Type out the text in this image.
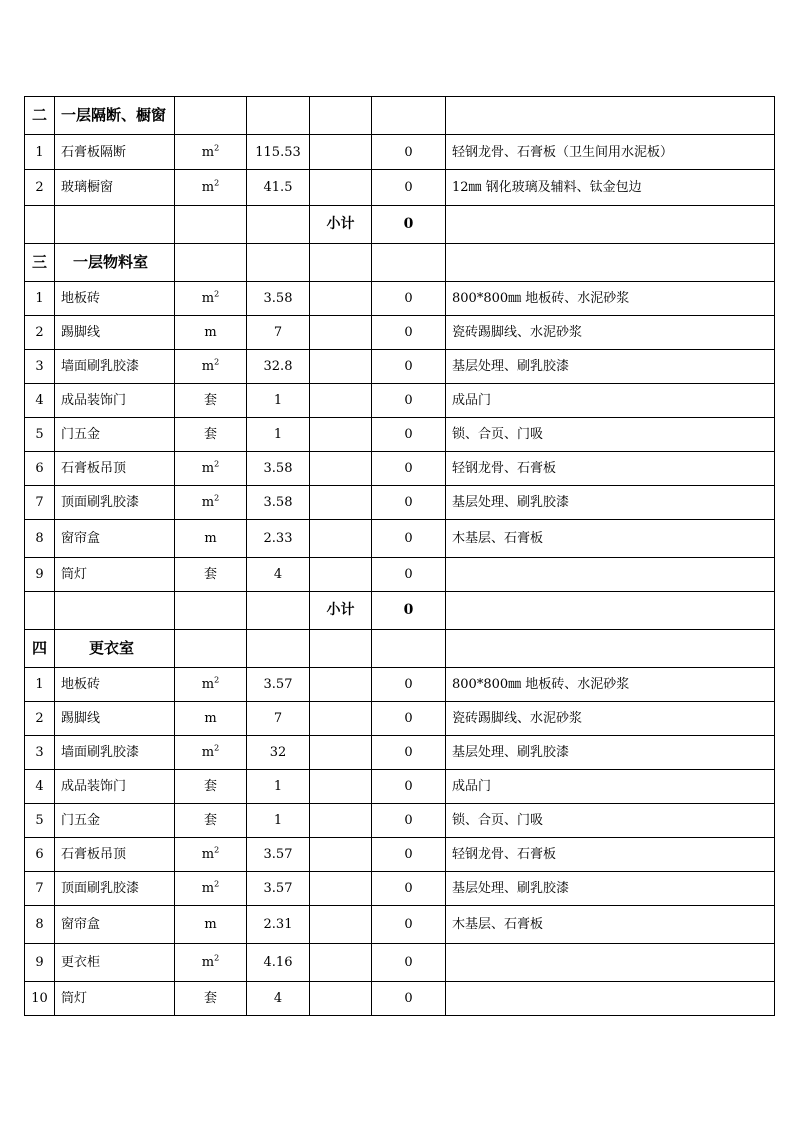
二	一层隔断、橱窗					
1	石膏板隔断	$m^2$	115.53		0	轻钢龙骨、石膏板（卫生间用水泥板）
2	玻璃橱窗	$m^2$	41.5		0	12㎜ 钢化玻璃及辅料、钛金包边
				小计	0	
三	一层物料室					
1	地板砖	$m^2$	3.58		0	800*800㎜ 地板砖、水泥砂浆
2	踢脚线	m	7		0	瓷砖踢脚线、水泥砂浆
3	墙面刷乳胶漆	$m^2$	32.8		0	基层处理、刷乳胶漆
4	成品装饰门	套	1		0	成品门
5	门五金	套	1		0	锁、合页、门吸
6	石膏板吊顶	$m^2$	3.58		0	轻钢龙骨、石膏板
7	顶面刷乳胶漆	$m^2$	3.58		0	基层处理、刷乳胶漆
8	窗帘盒	m	2.33		0	木基层、石膏板
9	筒灯	套	4		0	
				小计	0	
四	更衣室					
1	地板砖	$m^2$	3.57		0	800*800㎜ 地板砖、水泥砂浆
2	踢脚线	m	7		0	瓷砖踢脚线、水泥砂浆
3	墙面刷乳胶漆	$m^2$	32		0	基层处理、刷乳胶漆
4	成品装饰门	套	1		0	成品门
5	门五金	套	1		0	锁、合页、门吸
6	石膏板吊顶	$m^2$	3.57		0	轻钢龙骨、石膏板
7	顶面刷乳胶漆	$m^2$	3.57		0	基层处理、刷乳胶漆
8	窗帘盒	m	2.31		0	木基层、石膏板
9	更衣柜	$m^2$	4.16		0	
10	筒灯	套	4		0	
